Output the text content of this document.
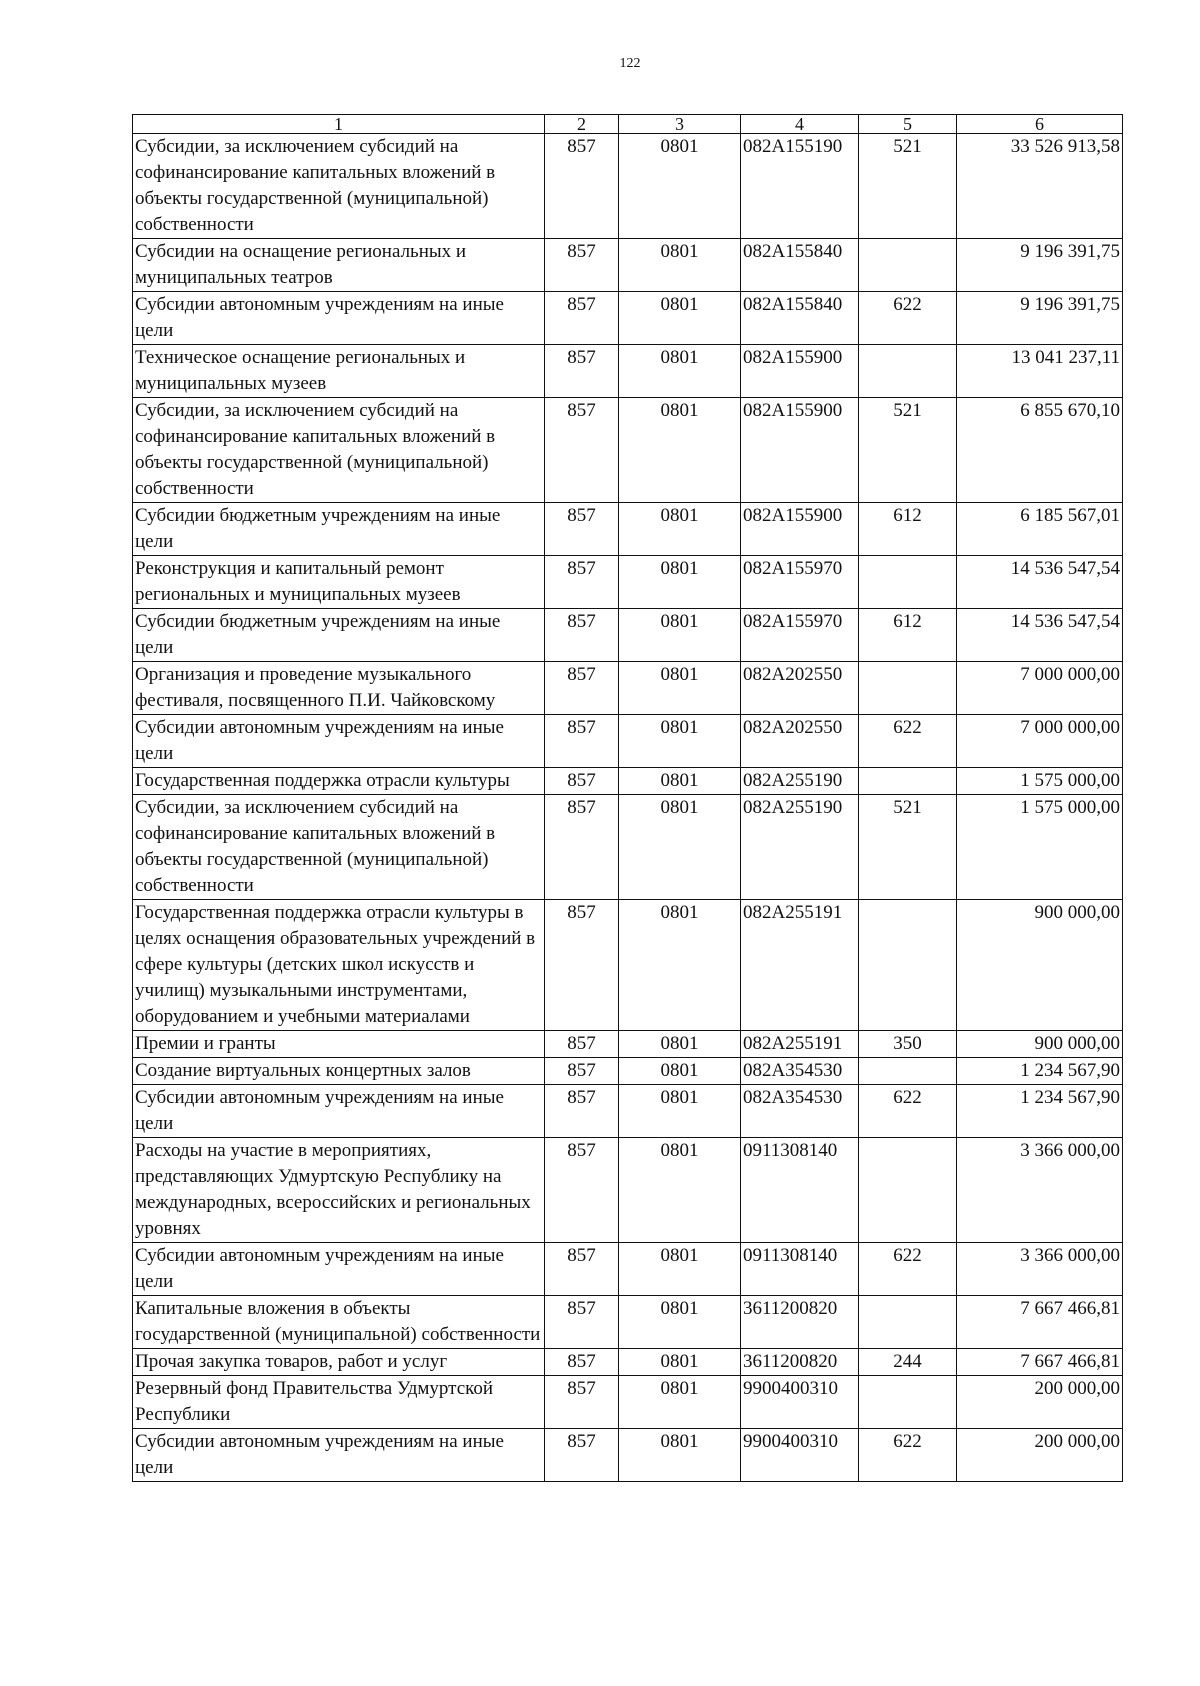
122
1	2	3	4	5	6
Субсидии, за исключением субсидий на софинансирование капитальных вложений в объекты государственной (муниципальной) собственности	857	0801	082A155190	521	33 526 913,58
Субсидии на оснащение региональных и муниципальных театров	857	0801	082A155840		9 196 391,75
Субсидии автономным учреждениям на иные цели	857	0801	082A155840	622	9 196 391,75
Техническое оснащение региональных и муниципальных музеев	857	0801	082A155900		13 041 237,11
Субсидии, за исключением субсидий на софинансирование капитальных вложений в объекты государственной (муниципальной) собственности	857	0801	082A155900	521	6 855 670,10
Субсидии бюджетным учреждениям на иные цели	857	0801	082A155900	612	6 185 567,01
Реконструкция и капитальный ремонт региональных и муниципальных музеев	857	0801	082A155970		14 536 547,54
Субсидии бюджетным учреждениям на иные цели	857	0801	082A155970	612	14 536 547,54
Организация и проведение музыкального фестиваля, посвященного П.И. Чайковскому	857	0801	082A202550		7 000 000,00
Субсидии автономным учреждениям на иные цели	857	0801	082A202550	622	7 000 000,00
Государственная поддержка отрасли культуры	857	0801	082A255190		1 575 000,00
Субсидии, за исключением субсидий на софинансирование капитальных вложений в объекты государственной (муниципальной) собственности	857	0801	082A255190	521	1 575 000,00
Государственная поддержка отрасли культуры в целях оснащения образовательных учреждений в сфере культуры (детских школ искусств и училищ) музыкальными инструментами, оборудованием и учебными материалами	857	0801	082A255191		900 000,00
Премии и гранты	857	0801	082A255191	350	900 000,00
Создание виртуальных концертных залов	857	0801	082A354530		1 234 567,90
Субсидии автономным учреждениям на иные цели	857	0801	082A354530	622	1 234 567,90
Расходы на участие в мероприятиях, представляющих Удмуртскую Республику на международных, всероссийских и региональных уровнях	857	0801	0911308140		3 366 000,00
Субсидии автономным учреждениям на иные цели	857	0801	0911308140	622	3 366 000,00
Капитальные вложения в объекты государственной (муниципальной) собственности	857	0801	3611200820		7 667 466,81
Прочая закупка товаров, работ и услуг	857	0801	3611200820	244	7 667 466,81
Резервный фонд Правительства Удмуртской Республики	857	0801	9900400310		200 000,00
Субсидии автономным учреждениям на иные цели	857	0801	9900400310	622	200 000,00
